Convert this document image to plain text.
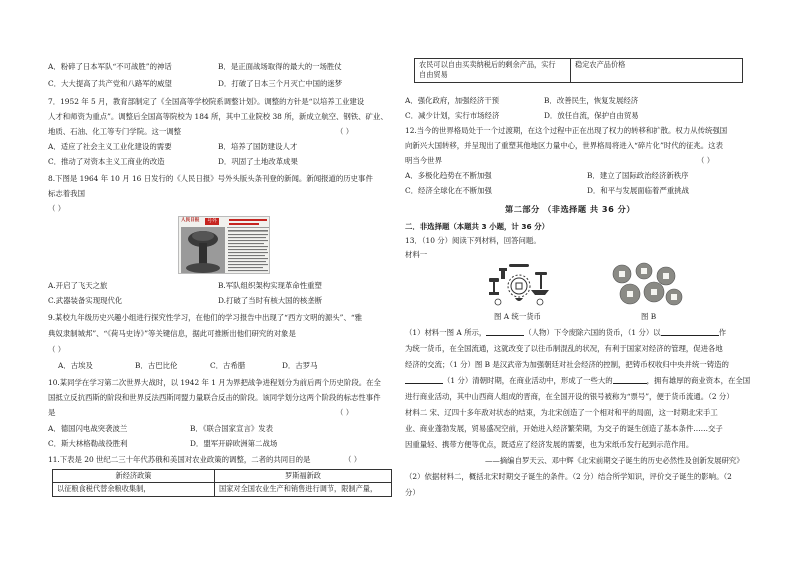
A．粉碎了日本军队“不可战胜”的神话	B．是正面战场取得的最大的一场胜仗
C．大大提高了共产党和八路军的威望	D．打破了日本三个月灭亡中国的迷梦
7．1952 年 5 月，教育部制定了《全国高等学校院系调整计划》。调整的方针是“以培养工业建设
人才和师资为重点”。调整后全国高等院校为 184 所，其中工业院校 38 所，新成立航空、钢铁、矿业、
地质、石油、化工等专门学院。这一调整	（ ）
A．适应了社会主义工业化建设的需要	B．培养了国防建设人才
C．推动了对资本主义工商业的改造	D．巩固了土地改革成果
8.下图是 1964 年 10 月 16 日发行的《人民日报》号外头版头条刊登的新闻。新闻报道的历史事件
标志着我国
（ ）
人民日报	号外
A.开启了飞天之旅	B.军队组织架构实现革命性重塑
C.武器装备实现现代化	D.打破了当时有核大国的核垄断
9.某校九年级历史兴趣小组进行探究性学习，在他们的学习报告中出现了“西方文明的源头”、“雅
典奴隶制城邦”、“《荷马史诗》”等关键信息，据此可推断出他们研究的对象是
（ ）
A．古埃及	B．古巴比伦	C．古希腊	D．古罗马
10.某同学在学习第二次世界大战时，以 1942 年 1 月为界把战争进程划分为前后两个历史阶段。在全
国抵立反抗西斯的阶段和世界反法西斯同盟力量联合反击的阶段。该同学划分这两个阶段的标志性事件
是	（ ）
A．德国闪电战突袭波兰	B．《联合国家宣言》发表
C．斯大林格勒战役胜利	D．盟军开辟欧洲第二战场
11.下表是 20 世纪二三十年代苏俄和美国对农业政策的调整，二者的共同目的是	（ ）
新经济政策	罗斯福新政
以征粮食税代替余粮收集制，	国家对全国农业生产和销售进行调节，限制产量，
农民可以自由买卖纳税后的剩余产品，实行
自由贸易	稳定农产品价格
A．强化政府，加强经济干预	B．改善民生，恢复发展经济
C．减少计划，实行市场经济	D．放任自流，保护自由贸易
12.当今的世界格局处于一个过渡期，在这个过程中正在出现了权力的转移和扩散。权力从传统强国
向新兴大国转移，并呈现出了重塑其他地区力量中心，世界格局将进入“碎片化”时代的征兆。这表
明当今世界	（ ）
A．多极化趋势在不断加强	B．建立了国际政治经济新秩序
C．经济全球化在不断加强	D．和平与发展面临着严重挑战
第二部分 （非选择题 共 36 分）
二．非选择题（本题共 3 小题，计 36 分）
13．（10 分）阅读下列材料，回答问题。
材料一
图 A 统一货币	图 B
（1）材料一图 A 所示，	（人物）下令废除六国的货币，（1 分）以	作
为统一货币，在全国流通，这就改变了以往币制混乱的状况，有利于国家对经济的管理，促进各地
经济的交流；（1 分）图 B 是汉武帝为加强朝廷对社会经济的控制，把铸币权收归中央并统一铸造的
（1 分）清朝时期，在商业活动中，形成了一些大的	，拥有雄厚的商业资本，在全国
进行商业活动，其中山西商人组成的晋商，在全国开设的银号被称为“票号”，便于货币流通。（2 分）
材料二 宋、辽四十多年敌对状态的结束，为北宋创造了一个相对和平的局面，这一时期北宋手工
业、商业蓬勃发展，贸易盛况空前，开始进入经济繁荣期，为交子的诞生创造了基本条件……交子
因重量轻、携带方便等优点，既适应了经济发展的需要，也为宋纸币发行起到示范作用。
——摘编自罗天云、邓中辉《北宋前期交子诞生的历史必然性及创新发展研究》
（2）依据材料二，概括北宋时期交子诞生的条件。（2 分）结合所学知识，评价交子诞生的影响。（2
分）
